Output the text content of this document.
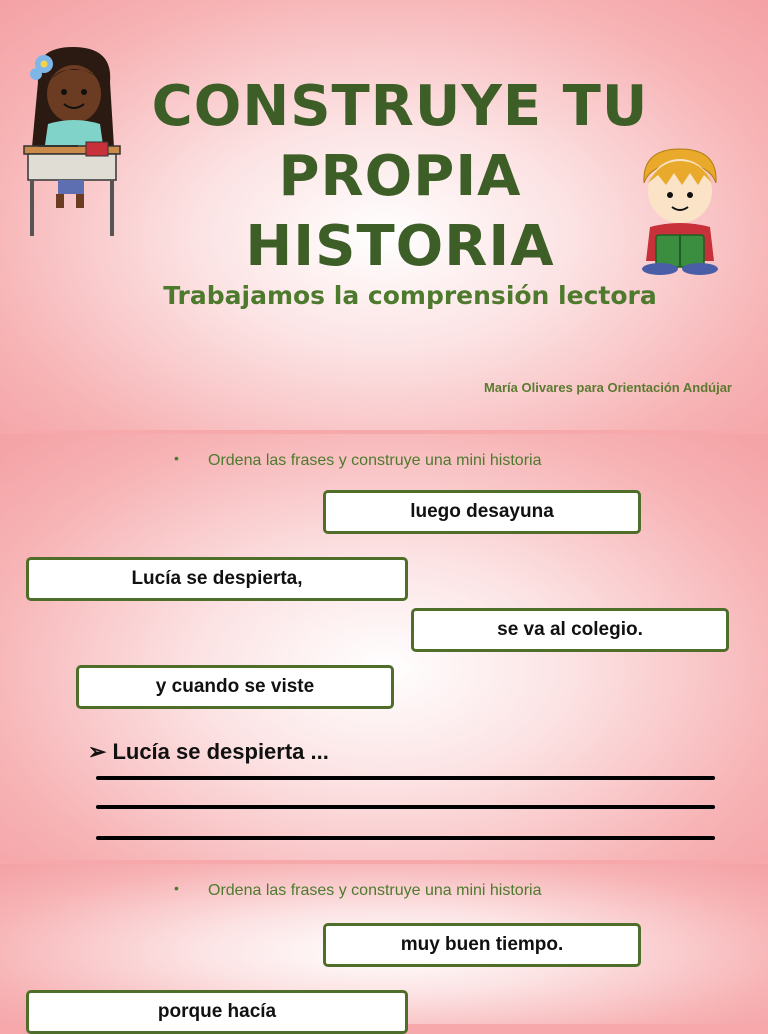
CONSTRUYE TU
PROPIA
HISTORIA
Trabajamos la comprensión lectora
María Olivares para Orientación Andújar
• Ordena las frases y construye una mini historia
luego desayuna
Lucía se despierta,
se va al colegio.
y cuando se viste
➢ Lucía se despierta ...
• Ordena las frases y construye una mini historia
muy buen tiempo.
porque hacía
